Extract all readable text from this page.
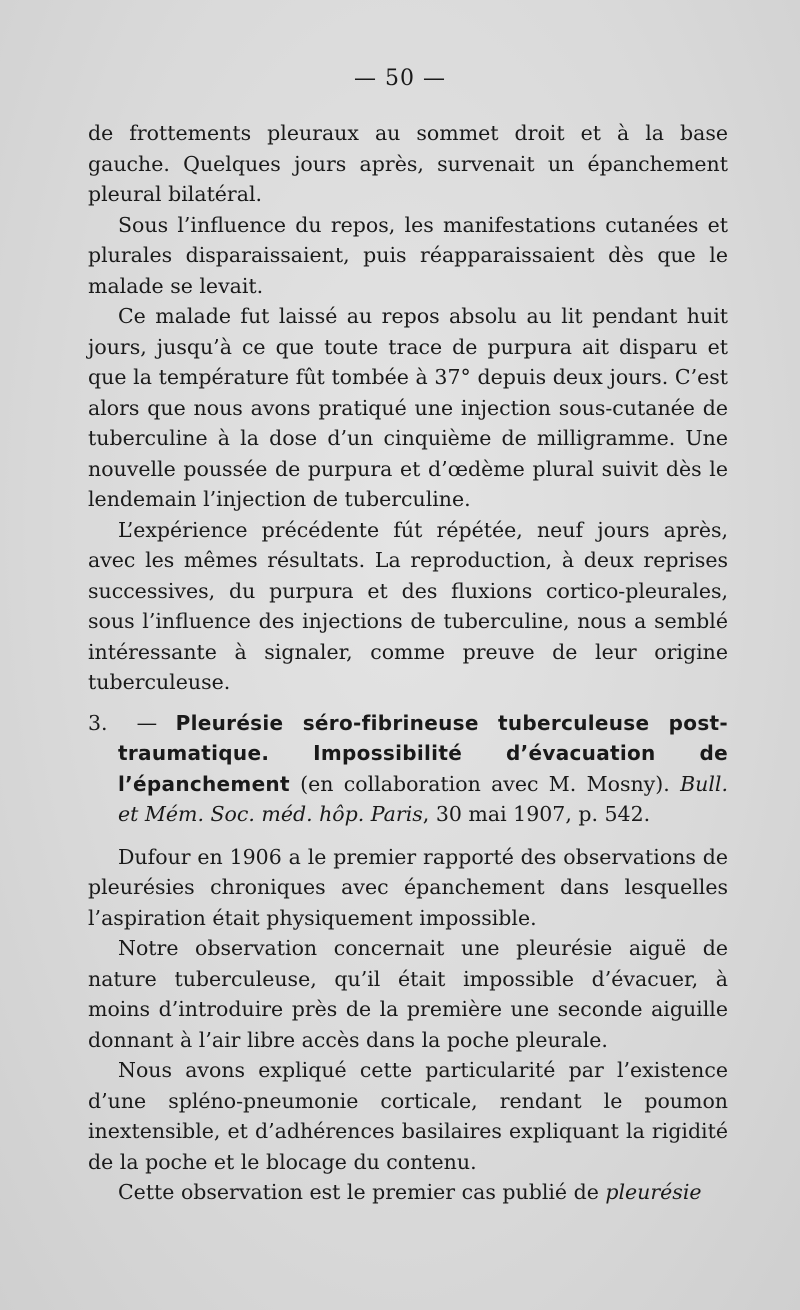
— 50 —

de frottements pleuraux au sommet droit et à la base gauche. Quelques jours après, survenait un épanchement pleural bilatéral.

Sous l’influence du repos, les manifestations cutanées et plurales disparaissaient, puis réapparaissaient dès que le malade se levait.

Ce malade fut laissé au repos absolu au lit pendant huit jours, jusqu’à ce que toute trace de purpura ait disparu et que la température fût tombée à 37° depuis deux jours. C’est alors que nous avons pratiqué une injection sous-cutanée de tuberculine à la dose d’un cinquième de milligramme. Une nouvelle poussée de purpura et d’œdème plural suivit dès le lendemain l’injection de tuberculine.

L’expérience précédente fút répétée, neuf jours après, avec les mêmes résultats. La reproduction, à deux reprises successives, du purpura et des fluxions cortico-pleurales, sous l’influence des injections de tuberculine, nous a semblé intéressante à signaler, comme preuve de leur origine tuberculeuse.

3. — Pleurésie séro-fibrineuse tuberculeuse post-traumatique. Impossibilité d’évacuation de l’épanchement (en collaboration avec M. Mosny). Bull. et Mém. Soc. méd. hôp. Paris, 30 mai 1907, p. 542.

Dufour en 1906 a le premier rapporté des observations de pleurésies chroniques avec épanchement dans lesquelles l’aspiration était physiquement impossible.

Notre observation concernait une pleurésie aiguë de nature tuberculeuse, qu’il était impossible d’évacuer, à moins d’introduire près de la première une seconde aiguille donnant à l’air libre accès dans la poche pleurale.

Nous avons expliqué cette particularité par l’existence d’une spléno-pneumonie corticale, rendant le poumon inextensible, et d’adhérences basilaires expliquant la rigidité de la poche et le blocage du contenu.

Cette observation est le premier cas publié de pleurésie
